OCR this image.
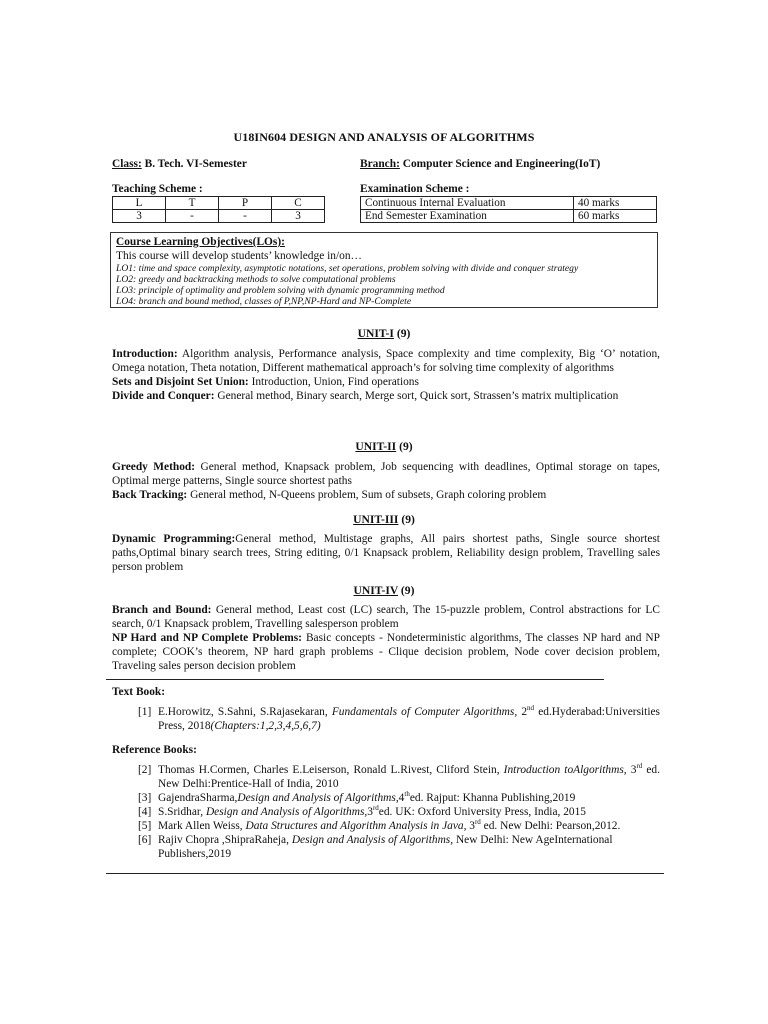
U18IN604 DESIGN AND ANALYSIS OF ALGORITHMS
Class: B. Tech. VI-Semester	Branch: Computer Science and Engineering(IoT)
Teaching Scheme :
L	T	P	C
3	-	-	3
Examination Scheme :
Continuous Internal Evaluation	40 marks
End Semester Examination	60 marks
Course Learning Objectives(LOs):
This course will develop students’ knowledge in/on…
LO1: time and space complexity, asymptotic notations, set operations, problem solving with divide and conquer strategy
LO2: greedy and backtracking methods to solve computational problems
LO3: principle of optimality and problem solving with dynamic programming method
LO4: branch and bound method, classes of P,NP,NP-Hard and NP-Complete
UNIT-I (9)

Introduction: Algorithm analysis, Performance analysis, Space complexity and time complexity, Big ‘O’ notation, Omega notation, Theta notation, Different mathematical approach’s for solving time complexity of algorithms

Sets and Disjoint Set Union: Introduction, Union, Find operations

Divide and Conquer: General method, Binary search, Merge sort, Quick sort, Strassen’s matrix multiplication

UNIT-II (9)

Greedy Method: General method, Knapsack problem, Job sequencing with deadlines, Optimal storage on tapes, Optimal merge patterns, Single source shortest paths

Back Tracking: General method, N-Queens problem, Sum of subsets, Graph coloring problem

UNIT-III (9)

Dynamic Programming:General method, Multistage graphs, All pairs shortest paths, Single source shortest paths,Optimal binary search trees, String editing, 0/1 Knapsack problem, Reliability design problem, Travelling sales person problem

UNIT-IV (9)

Branch and Bound: General method, Least cost (LC) search, The 15-puzzle problem, Control abstractions for LC search, 0/1 Knapsack problem, Travelling salesperson problem

NP Hard and NP Complete Problems: Basic concepts - Nondeterministic algorithms, The classes NP hard and NP complete; COOK’s theorem, NP hard graph problems - Clique decision problem, Node cover decision problem, Traveling sales person decision problem

Text Book:

[1] E.Horowitz, S.Sahni, S.Rajasekaran, Fundamentals of Computer Algorithms, 2nd ed.Hyderabad:Universities Press, 2018(Chapters:1,2,3,4,5,6,7)

Reference Books:

[2] Thomas H.Cormen, Charles E.Leiserson, Ronald L.Rivest, Cliford Stein, Introduction toAlgorithms, 3rd ed. New Delhi:Prentice-Hall of India, 2010

[3] GajendraSharma,Design and Analysis of Algorithms,4thed. Rajput: Khanna Publishing,2019

[4] S.Sridhar, Design and Analysis of Algorithms,3rded. UK: Oxford University Press, India, 2015

[5] Mark Allen Weiss, Data Structures and Algorithm Analysis in Java, 3rd ed. New Delhi: Pearson,2012.

[6] Rajiv Chopra ,ShipraRaheja, Design and Analysis of Algorithms, New Delhi: New AgeInternational Publishers,2019
